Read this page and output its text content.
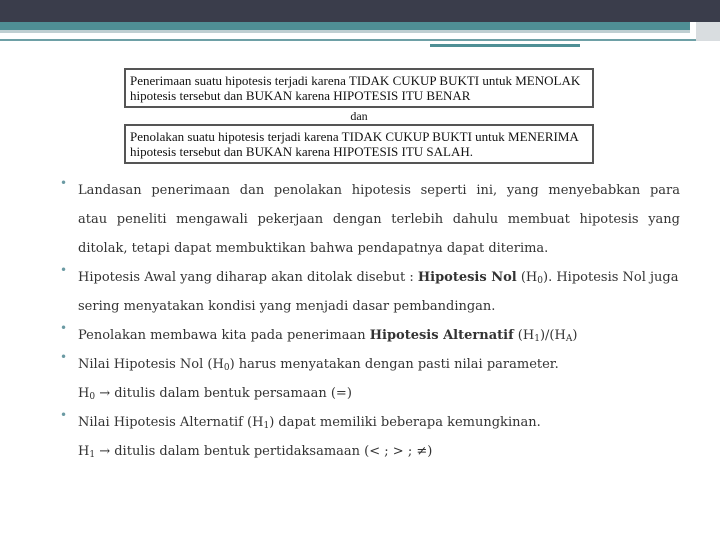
Penerimaan suatu hipotesis terjadi karena TIDAK CUKUP BUKTI untuk MENOLAK
hipotesis tersebut dan BUKAN karena HIPOTESIS ITU BENAR
dan
Penolakan suatu hipotesis terjadi karena TIDAK CUKUP BUKTI untuk MENERIMA
hipotesis tersebut dan BUKAN karena HIPOTESIS ITU SALAH.
• Landasan penerimaan dan penolakan hipotesis seperti ini, yang menyebabkan para
atau peneliti mengawali pekerjaan dengan terlebih dahulu membuat hipotesis yang
ditolak, tetapi dapat membuktikan bahwa pendapatnya dapat diterima.
• Hipotesis Awal yang diharap akan ditolak disebut : Hipotesis Nol $(H_0)$. Hipotesis Nol juga
sering menyatakan kondisi yang menjadi dasar pembandingan.
• Penolakan membawa kita pada penerimaan Hipotesis Alternatif $(H_1)/(H_A)$
• Nilai Hipotesis Nol $(H_0)$ harus menyatakan dengan pasti nilai parameter.
$H_0$ → ditulis dalam bentuk persamaan (=)
• Nilai Hipotesis Alternatif $(H_1)$ dapat memiliki beberapa kemungkinan.
$H_1$ → ditulis dalam bentuk pertidaksamaan (< ; > ; ≠)
